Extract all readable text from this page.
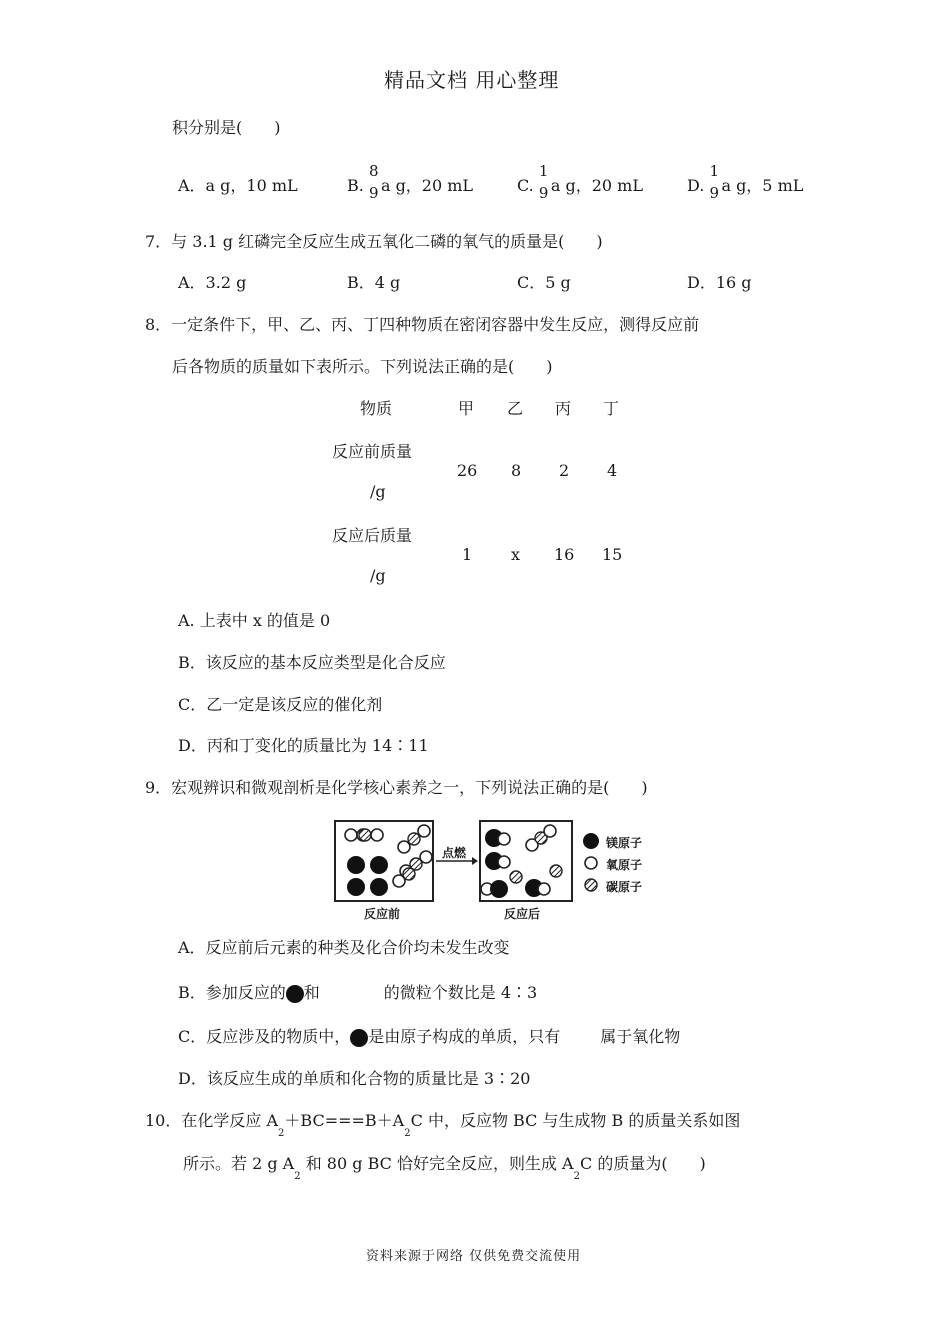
精品文档 用心整理
积分别是(　　)
A．a g，10 mL	B.
8
9 a g，20 mL	C.
1
9 a g，20 mL	D.
1
9 a g，5 mL
7．与 3.1 g 红磷完全反应生成五氧化二磷的氧气的质量是(　　)
A．3.2 g	B．4 g	C．5 g	D．16 g
8．一定条件下，甲、乙、丙、丁四种物质在密闭容器中发生反应，测得反应前
后各物质的质量如下表所示。下列说法正确的是(　　)
物质	甲 乙 丙 丁
反应前质量
/g
26 8 2 4
反应后质量
/g
1 x 16 15
A. 上表中 x 的值是 0
B．该反应的基本反应类型是化合反应
C．乙一定是该反应的催化剂
D．丙和丁变化的质量比为 14∶11
9．宏观辨识和微观剖析是化学核心素养之一，下列说法正确的是(　　)
点燃
反应前	反应后
镁原子
氧原子
碳原子
A．反应前后元素的种类及化合价均未发生改变
B．参加反应的 和	的微粒个数比是 4∶3
C．反应涉及的物质中， 是由原子构成的单质，只有	属于氧化物
D．该反应生成的单质和化合物的质量比是 3∶20
10．在化学反应 $A_2+BC===B+A_2C$ 中，反应物 BC 与生成物 B 的质量关系如图
所示。若 2 g $A_2$ 和 80 g BC 恰好完全反应，则生成 $A_2C$ 的质量为(　　)
资料来源于网络 仅供免费交流使用
